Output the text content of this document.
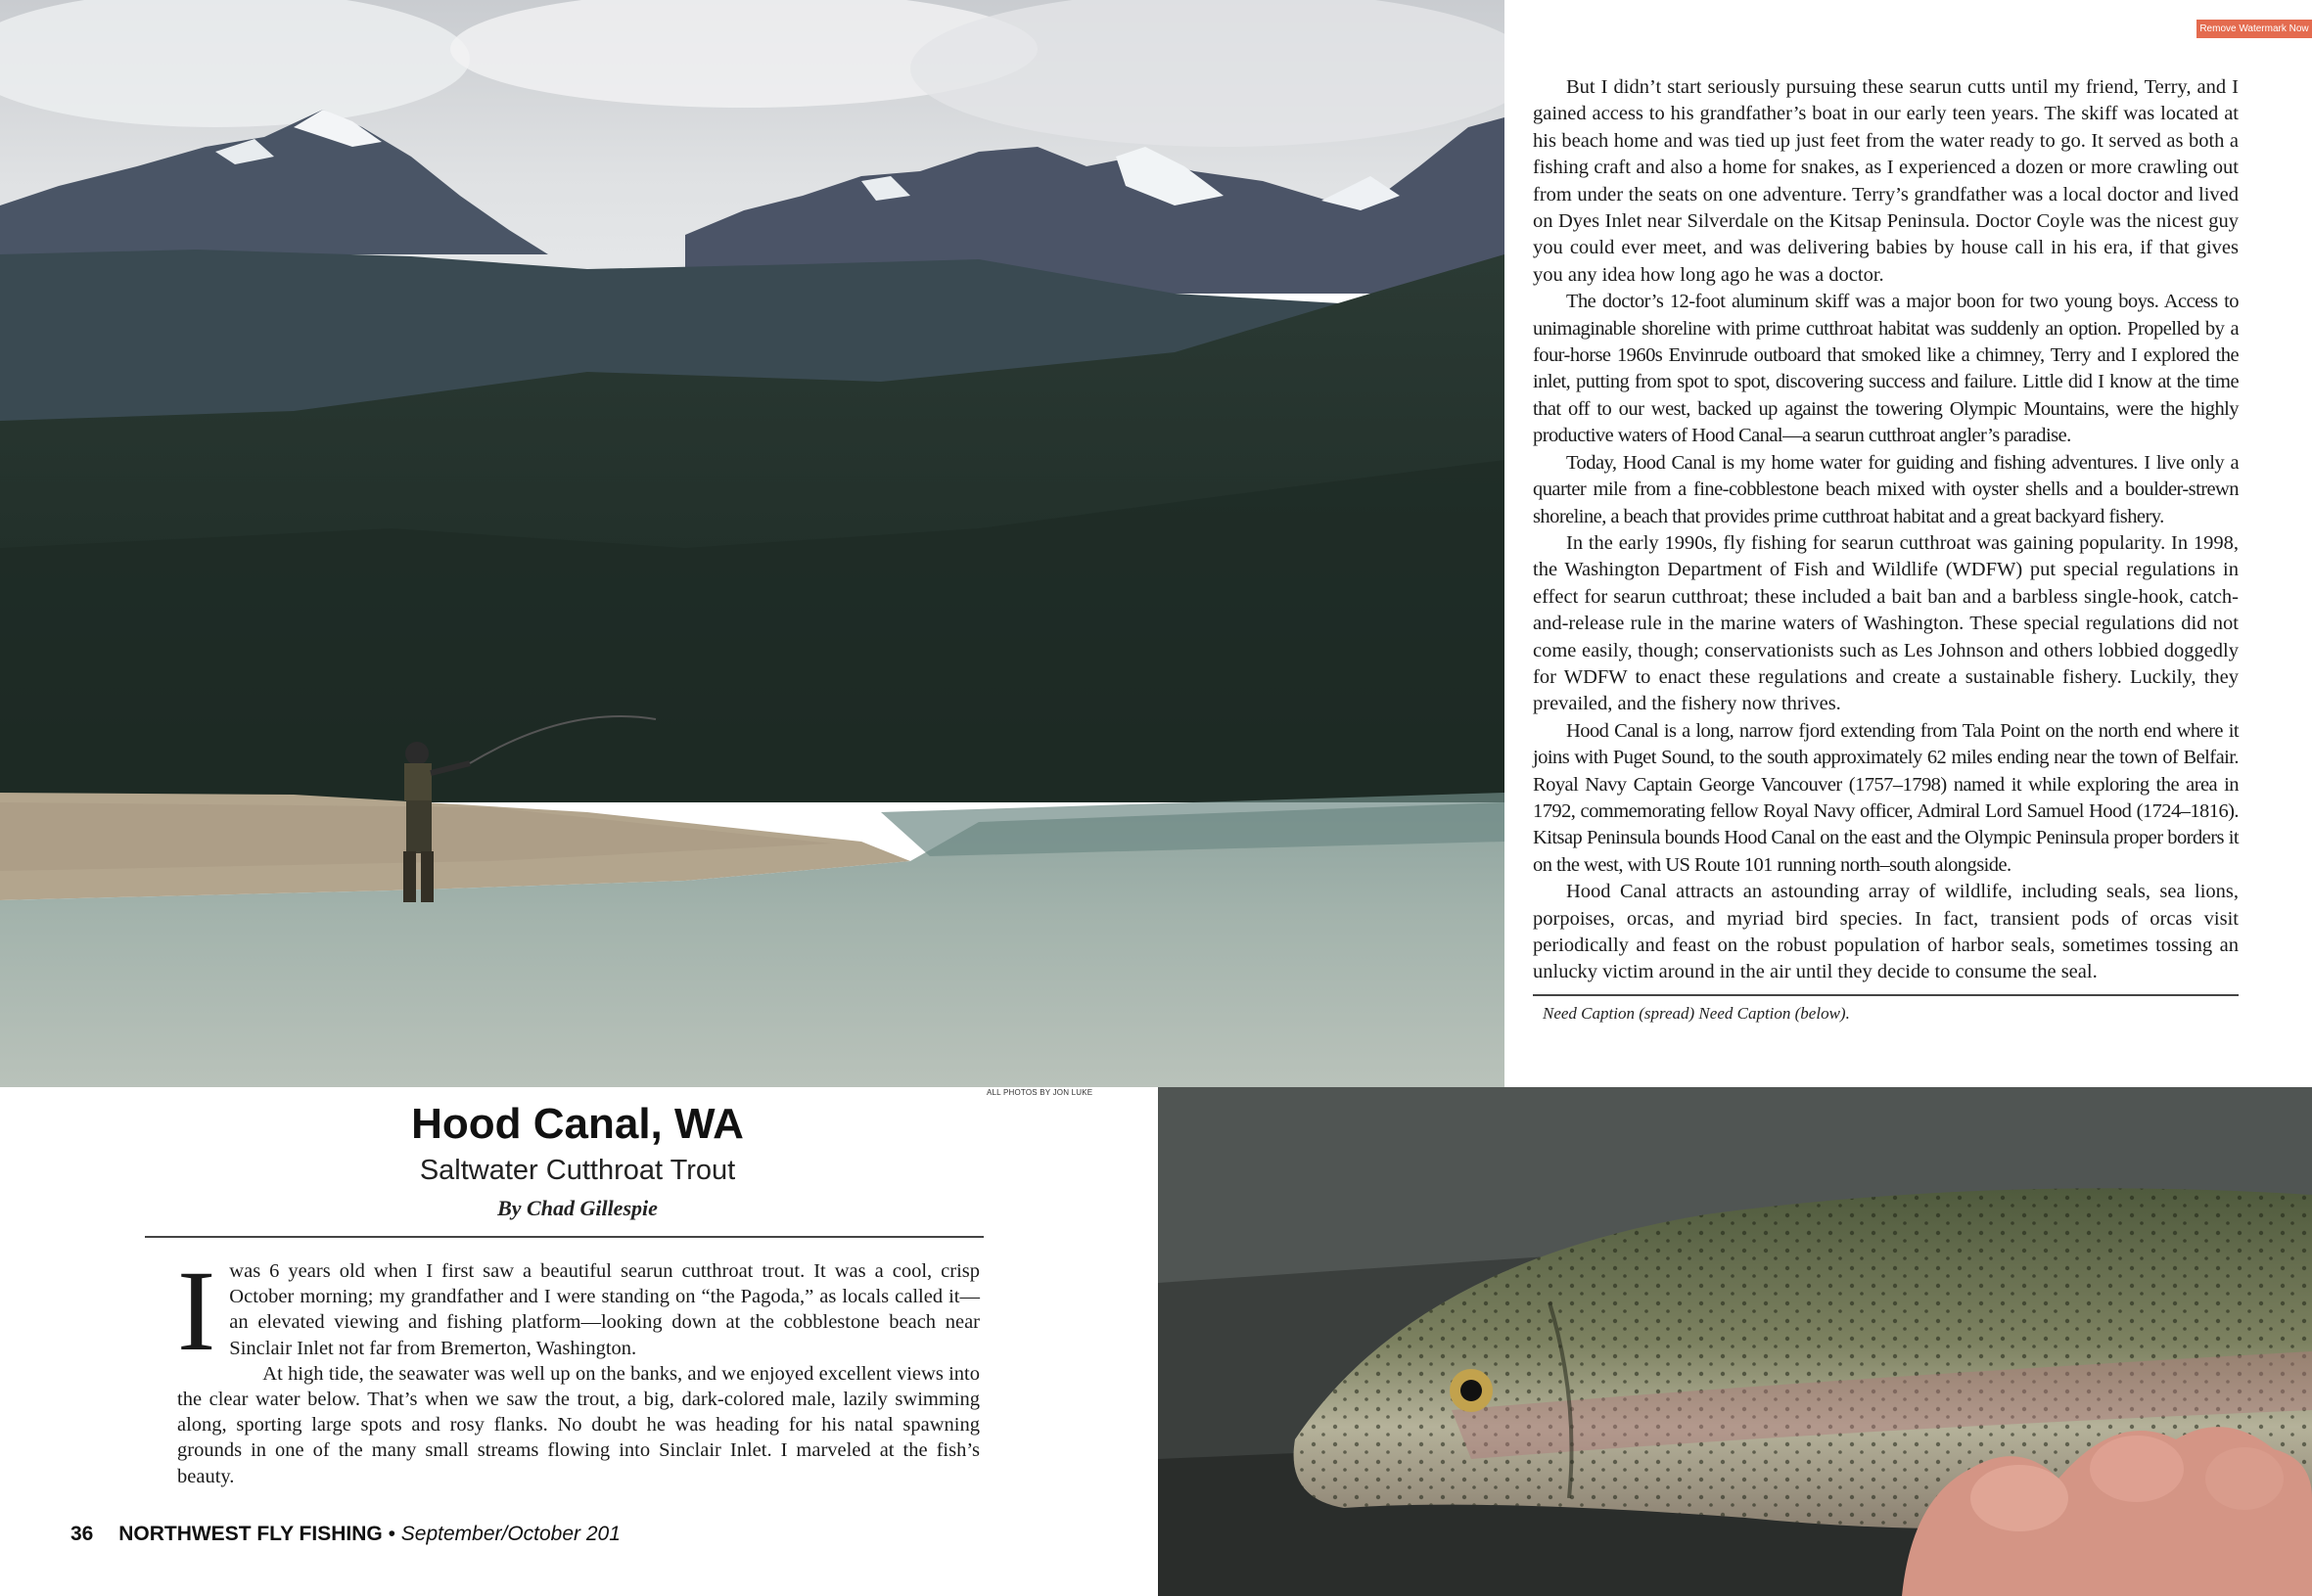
Remove Watermark Now

But I didn’t start seriously pursuing these searun cutts until my friend, Terry, and I gained access to his grandfather’s boat in our early teen years. The skiff was located at his beach home and was tied up just feet from the water ready to go. It served as both a fishing craft and also a home for snakes, as I experienced a dozen or more crawling out from under the seats on one adventure. Terry’s grandfather was a local doctor and lived on Dyes Inlet near Silverdale on the Kitsap Peninsula. Doctor Coyle was the nicest guy you could ever meet, and was delivering babies by house call in his era, if that gives you any idea how long ago he was a doctor.

The doctor’s 12-foot aluminum skiff was a major boon for two young boys. Access to unimaginable shoreline with prime cutthroat habitat was suddenly an option. Propelled by a four-horse 1960s Envinrude outboard that smoked like a chimney, Terry and I explored the inlet, putting from spot to spot, discovering success and failure. Little did I know at the time that off to our west, backed up against the towering Olympic Mountains, were the highly productive waters of Hood Canal—a searun cutthroat angler’s paradise.

Today, Hood Canal is my home water for guiding and fishing adventures. I live only a quarter mile from a fine-cobblestone beach mixed with oyster shells and a boulder-strewn shoreline, a beach that provides prime cutthroat habitat and a great backyard fishery.

In the early 1990s, fly fishing for searun cutthroat was gaining popularity. In 1998, the Washington Department of Fish and Wildlife (WDFW) put special regulations in effect for searun cutthroat; these included a bait ban and a barbless single-hook, catch-and-release rule in the marine waters of Washington. These special regulations did not come easily, though; conservationists such as Les Johnson and others lobbied doggedly for WDFW to enact these regulations and create a sustainable fishery. Luckily, they prevailed, and the fishery now thrives.

Hood Canal is a long, narrow fjord extending from Tala Point on the north end where it joins with Puget Sound, to the south approximately 62 miles ending near the town of Belfair. Royal Navy Captain George Vancouver (1757–1798) named it while exploring the area in 1792, commemorating fellow Royal Navy officer, Admiral Lord Samuel Hood (1724–1816). Kitsap Peninsula bounds Hood Canal on the east and the Olympic Peninsula proper borders it on the west, with US Route 101 running north–south alongside.

Hood Canal attracts an astounding array of wildlife, including seals, sea lions, porpoises, orcas, and myriad bird species. In fact, transient pods of orcas visit periodically and feast on the robust population of harbor seals, sometimes tossing an unlucky victim around in the air until they decide to consume the seal.

Need Caption (spread) Need Caption (below).
ALL PHOTOS BY JON LUKE
Hood Canal, WA
Saltwater Cutthroat Trout
By Chad Gillespie
I was 6 years old when I first saw a beautiful searun cutthroat trout. It was a cool, crisp October morning; my grandfather and I were standing on “the Pagoda,” as locals called it—an elevated viewing and fishing platform—looking down at the cobblestone beach near Sinclair Inlet not far from Bremerton, Washington.

At high tide, the seawater was well up on the banks, and we enjoyed excellent views into the clear water below. That’s when we saw the trout, a big, dark-colored male, lazily swimming along, sporting large spots and rosy flanks. No doubt he was heading for his natal spawning grounds in one of the many small streams flowing into Sinclair Inlet. I marveled at the fish’s beauty.

36 NORTHWEST FLY FISHING • September/October 201
